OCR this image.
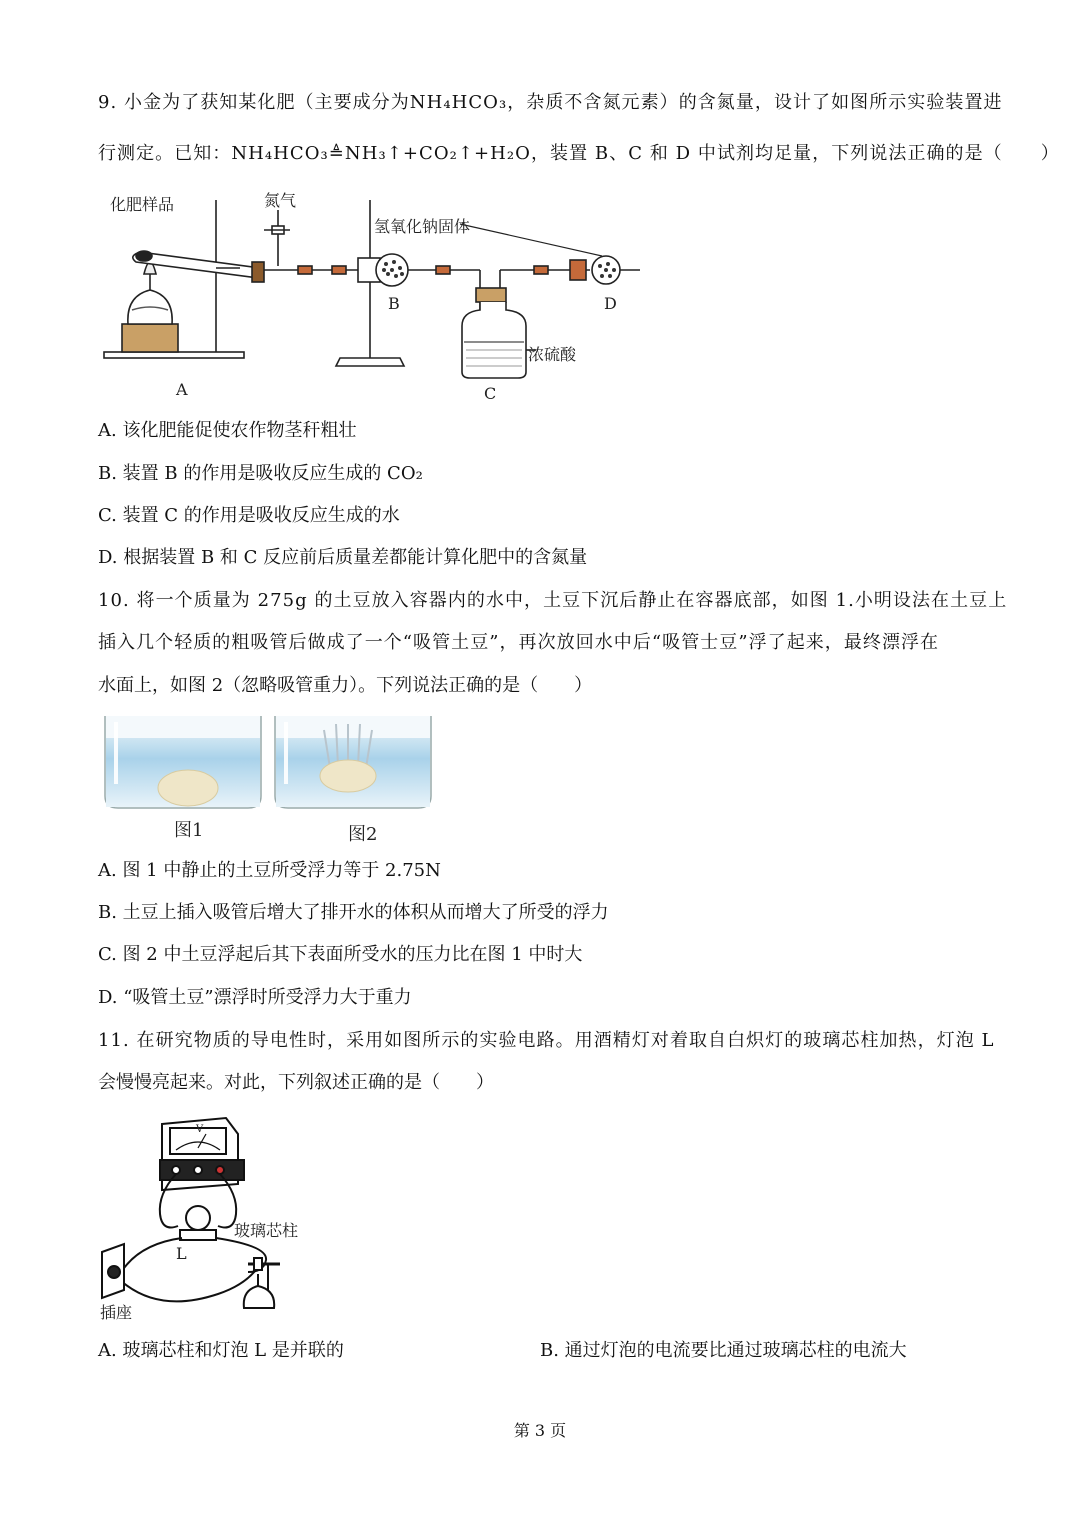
9. 小金为了获知某化肥（主要成分为NH₄HCO₃，杂质不含氮元素）的含氮量，设计了如图所示实验装置进
行测定。已知：NH₄HCO₃≜NH₃↑+CO₂↑+H₂O，装置 B、C 和 D 中试剂均足量，下列说法正确的是（　　）
化肥样品	氮气
氢氧化钠固体
浓硫酸
A
B
C
D
A. 该化肥能促使农作物茎秆粗壮
B. 装置 B 的作用是吸收反应生成的 CO₂
C. 装置 C 的作用是吸收反应生成的水
D. 根据装置 B 和 C 反应前后质量差都能计算化肥中的含氮量
10. 将一个质量为 275g 的土豆放入容器内的水中，土豆下沉后静止在容器底部，如图 1.小明设法在土豆上
插入几个轻质的粗吸管后做成了一个“吸管土豆”，再次放回水中后“吸管士豆”浮了起来，最终漂浮在
水面上，如图 2（忽略吸管重力）。下列说法正确的是（　　）
图1	图2
A. 图 1 中静止的土豆所受浮力等于 2.75N
B. 土豆上插入吸管后增大了排开水的体积从而增大了所受的浮力
C. 图 2 中土豆浮起后其下表面所受水的压力比在图 1 中时大
D. “吸管土豆”漂浮时所受浮力大于重力
11. 在研究物质的导电性时，采用如图所示的实验电路。用酒精灯对着取自白炽灯的玻璃芯柱加热，灯泡 L
会慢慢亮起来。对此，下列叙述正确的是（　　）
V
玻璃芯柱
L
插座
A. 玻璃芯柱和灯泡 L 是并联的	B. 通过灯泡的电流要比通过玻璃芯柱的电流大
第 3 页
